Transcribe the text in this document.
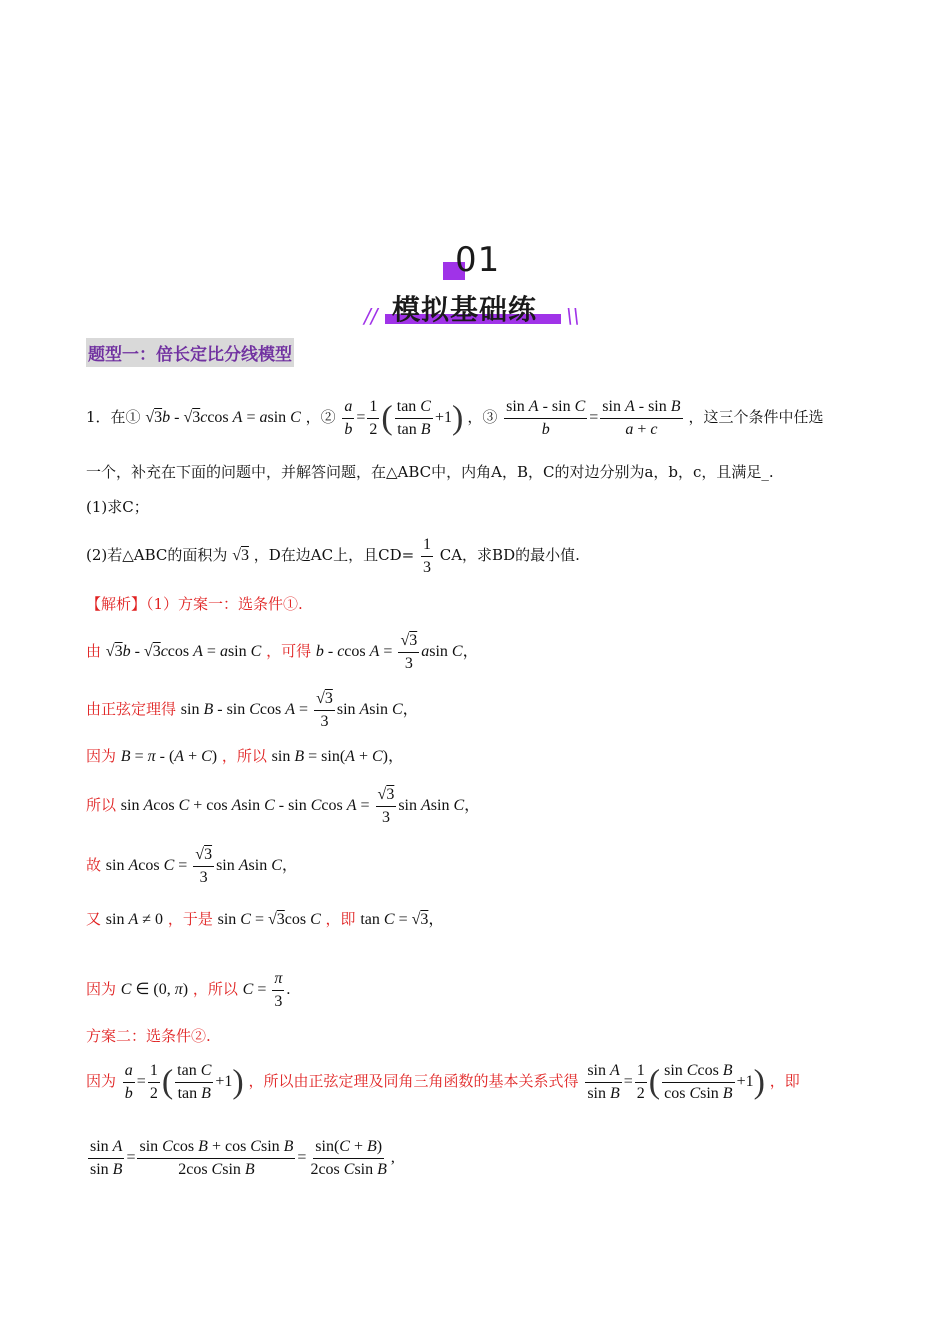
01
模拟基础练
//	\\
题型一：倍长定比分线模型
1．在① √3b - √3ccos A = asin C ，② $\frac{a}{b} = \frac{1}{2}$ ( $\frac{\text{tan C}}{\text{tan B}} +1$) ，③ $\frac{\text{sin A - sin C}}{b} = \frac{\text{sin A - sin B}}{a + c}$ ，这三个条件中任选
一个，补充在下面的问题中，并解答问题，在△ABC中，内角A，B，C的对边分别为a，b，c，且满足_.
(1)求C；
(2)若△ABC的面积为 √3 ，D在边AC上，且$CD= \frac{1}{3}$ CA，求BD的最小值.
【解析】（1）方案一：选条件①.
由 √3b - √3ccos A = asin C ，可得 b - ccos $A = \frac{√3}{3}$ asin C，
由正弦定理得 sin B - sin Ccos $A = \frac{√3}{3}$ sin Asin C，
因为 B = π - (A + C) ，所以 sin B = sin(A + C)，
所以 sin Acos C + cos Asin C - sin Ccos $A = \frac{√3}{3}$ sin Asin C，
故 sin Acos $C = \frac{√3}{3}$ sin Asin C，
又 sin A ≠ 0 ，于是 sin C = √3cos C ，即 tan C = √3，
因为 C ∈ (0, π) ，所以 $C = \frac{\pi}{3}$ .
方案二：选条件②.
因为 $\frac{a}{b} = \frac{1}{2}$ ( $\frac{\text{tan C}}{\text{tan B}} +1$) ，所以由正弦定理及同角三角函数的基本关系式得 $\frac{\text{sin A}}{\text{sin B}} = \frac{1}{2}$ ( $\frac{\text{sin Ccos B}}{\text{cos Csin B}} +1$) ，即
$\frac{\text{sin A}}{\text{sin B}} = \frac{\text{sin Ccos B + cos Csin B}}{\text{2cos Csin B}} = \frac{\sin(C + B)}{\text{2cos Csin B}}$ ,
